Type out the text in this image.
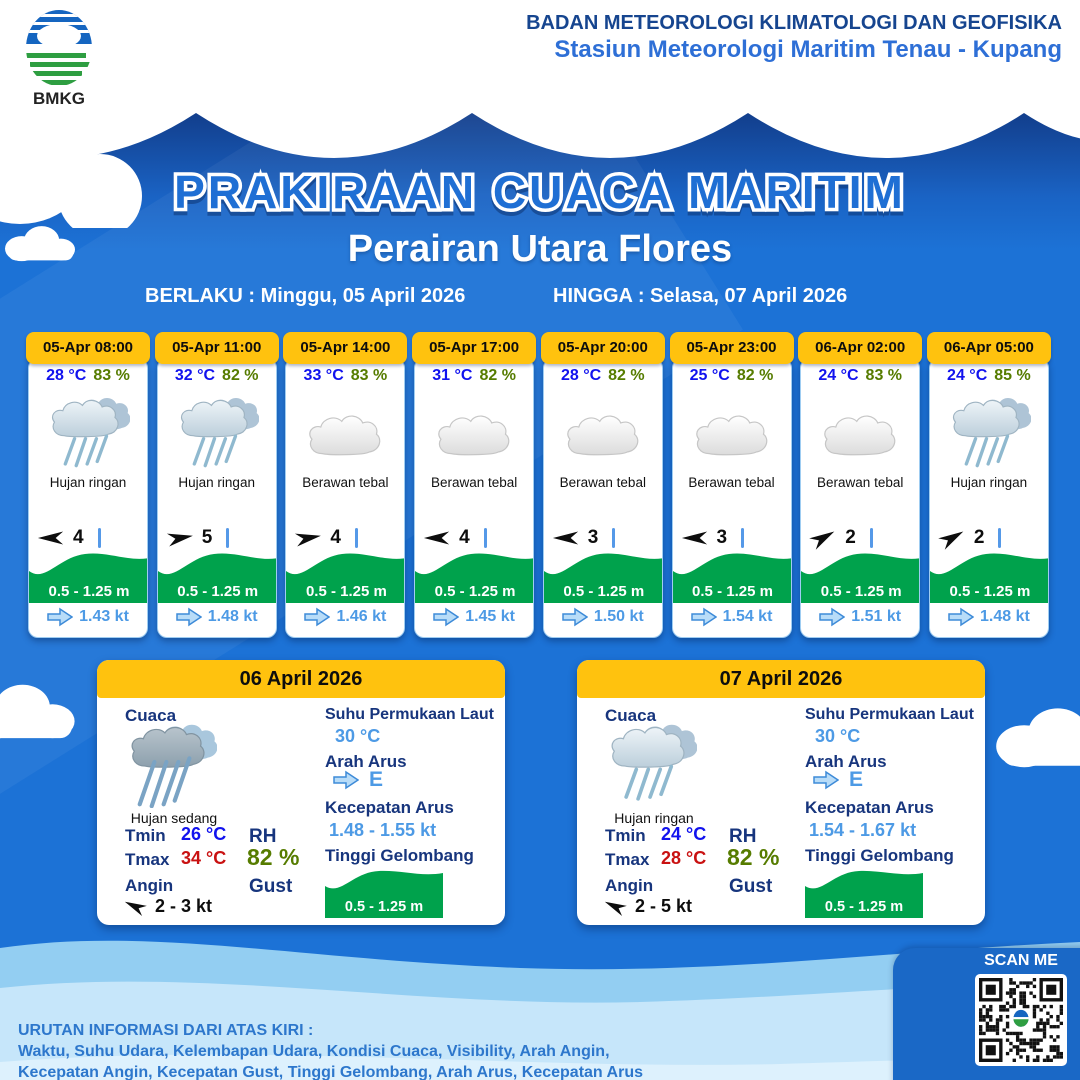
BMKG
BADAN METEOROLOGI KLIMATOLOGI DAN GEOFISIKA
Stasiun Meteorologi Maritim Tenau - Kupang
PRAKIRAAN CUACA MARITIM
Perairan Utara Flores
BERLAKU : Minggu, 05 April 2026	HINGGA : Selasa, 07 April 2026
05-Apr 08:00
28 °C 83 %
Hujan ringan
4
0.5 - 1.25 m
1.43 kt
05-Apr 11:00
32 °C 82 %
Hujan ringan
5
0.5 - 1.25 m
1.48 kt
05-Apr 14:00
33 °C 83 %
Berawan tebal
4
0.5 - 1.25 m
1.46 kt
05-Apr 17:00
31 °C 82 %
Berawan tebal
4
0.5 - 1.25 m
1.45 kt
05-Apr 20:00
28 °C 82 %
Berawan tebal
3
0.5 - 1.25 m
1.50 kt
05-Apr 23:00
25 °C 82 %
Berawan tebal
3
0.5 - 1.25 m
1.54 kt
06-Apr 02:00
24 °C 83 %
Berawan tebal
2
0.5 - 1.25 m
1.51 kt
06-Apr 05:00
24 °C 85 %
Hujan ringan
2
0.5 - 1.25 m
1.48 kt
06 April 2026
Cuaca
Hujan sedang
Tmin 26 °C
Tmax 34 °C
Angin
2 - 3 kt
RH
82 %
Gust
Suhu Permukaan Laut
30 °C
Arah Arus
E
Kecepatan Arus
1.48 - 1.55 kt
Tinggi Gelombang
0.5 - 1.25 m
07 April 2026
Cuaca
Hujan ringan
Tmin 24 °C
Tmax 28 °C
Angin
2 - 5 kt
RH
82 %
Gust
Suhu Permukaan Laut
30 °C
Arah Arus
E
Kecepatan Arus
1.54 - 1.67 kt
Tinggi Gelombang
0.5 - 1.25 m
URUTAN INFORMASI DARI ATAS KIRI :
Waktu, Suhu Udara, Kelembapan Udara, Kondisi Cuaca, Visibility, Arah Angin,
Kecepatan Angin, Kecepatan Gust, Tinggi Gelombang, Arah Arus, Kecepatan Arus
SCAN ME
